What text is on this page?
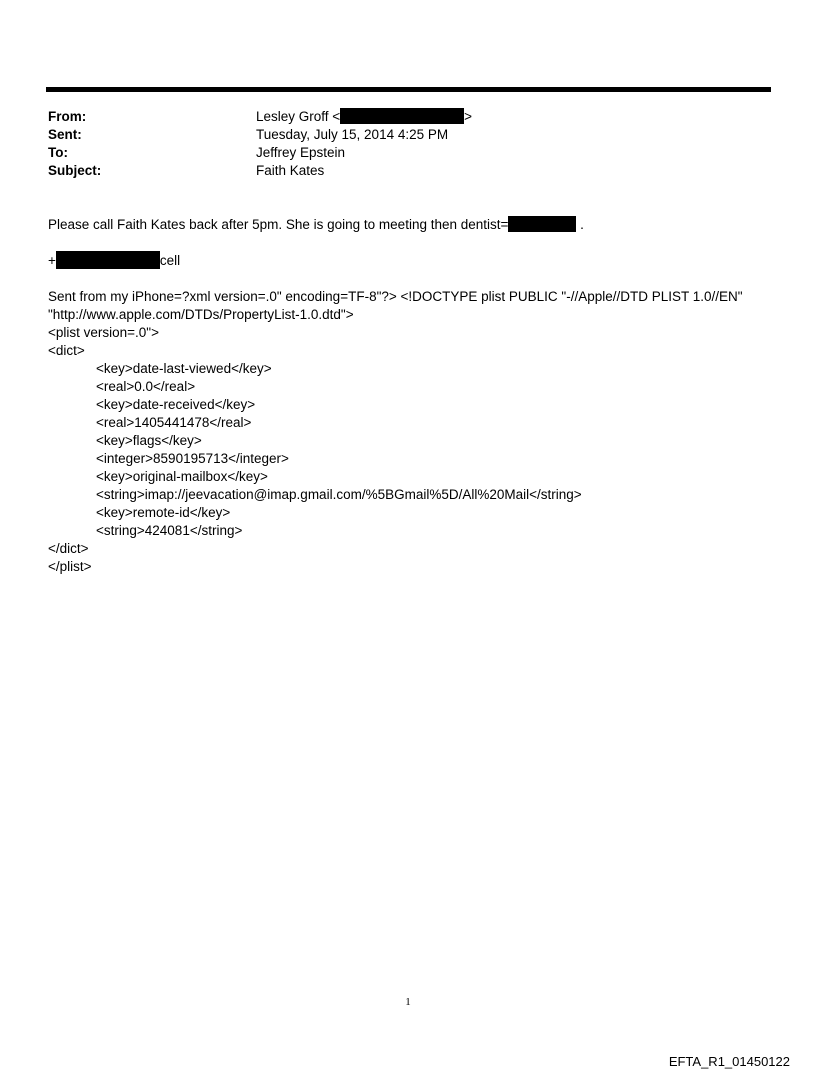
From:	Lesley Groff <	>
Sent:	Tuesday, July 15, 2014 4:25 PM
To:	Jeffrey Epstein
Subject:	Faith Kates
Please call Faith Kates back after 5pm. She is going to meeting then dentist=	.
+	cell
Sent from my iPhone=?xml version=.0" encoding=TF-8"?> <!DOCTYPE plist PUBLIC "-//Apple//DTD PLIST 1.0//EN"
"http://www.apple.com/DTDs/PropertyList-1.0.dtd">
<plist version=.0">
<dict>
<key>date-last-viewed</key>
<real>0.0</real>
<key>date-received</key>
<real>1405441478</real>
<key>flags</key>
<integer>8590195713</integer>
<key>original-mailbox</key>
<string>imap://jeevacation@imap.gmail.com/%5BGmail%5D/All%20Mail</string>
<key>remote-id</key>
<string>424081</string>
</dict>
</plist>
1
EFTA_R1_01450122
